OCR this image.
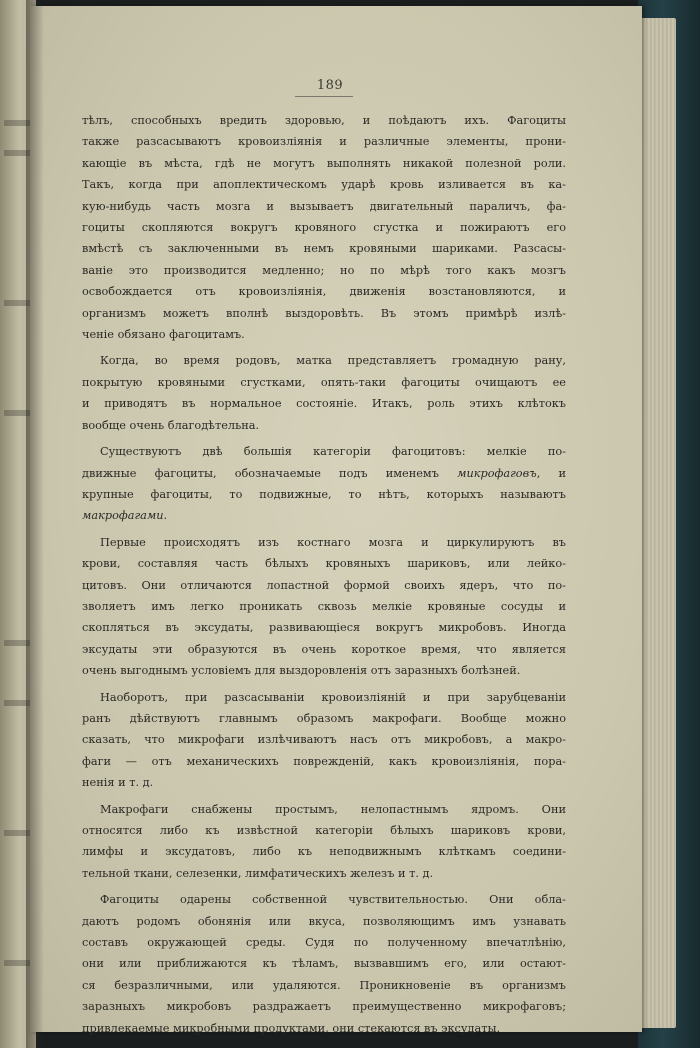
189

тѣлъ, способныхъ вредить здоровью, и поѣдаютъ ихъ. Фагоциты
также разсасываютъ кровоизліянія и различные элементы, прони-
кающіе въ мѣста, гдѣ не могутъ выполнять никакой полезной роли.
Такъ, когда при апоплектическомъ ударѣ кровь изливается въ ка-
кую-нибудь часть мозга и вызываетъ двигательный параличъ, фа-
гоциты скопляются вокругъ кровяного сгустка и пожираютъ его
вмѣстѣ съ заключенными въ немъ кровяными шариками. Разсасы-
ваніе это производится медленно; но по мѣрѣ того какъ мозгъ
освобождается отъ кровоизліянія, движенія возстановляются, и
организмъ можетъ вполнѣ выздоровѣть. Въ этомъ примѣрѣ излѣ-
ченіе обязано фагоцитамъ.

Когда, во время родовъ, матка представляетъ громадную рану,
покрытую кровяными сгустками, опять-таки фагоциты очищаютъ ее
и приводятъ въ нормальное состояніе. Итакъ, роль этихъ клѣтокъ
вообще очень благодѣтельна.

Существуютъ двѣ большія категоріи фагоцитовъ: мелкіе по-
движные фагоциты, обозначаемые подъ именемъ микрофаговъ, и
крупные фагоциты, то подвижные, то нѣтъ, которыхъ называютъ
макрофагами.

Первые происходятъ изъ костнаго мозга и циркулируютъ въ
крови, составляя часть бѣлыхъ кровяныхъ шариковъ, или лейко-
цитовъ. Они отличаются лопастной формой своихъ ядеръ, что по-
зволяетъ имъ легко проникать сквозь мелкіе кровяные сосуды и
скопляться въ эксудаты, развивающіеся вокругъ микробовъ. Иногда
эксудаты эти образуются въ очень короткое время, что является
очень выгоднымъ условіемъ для выздоровленія отъ заразныхъ болѣзней.

Наоборотъ, при разсасываніи кровоизліяній и при зарубцеваніи
ранъ дѣйствуютъ главнымъ образомъ макрофаги. Вообще можно
сказать, что микрофаги излѣчиваютъ насъ отъ микробовъ, а макро-
фаги — отъ механическихъ поврежденій, какъ кровоизліянія, пора-
ненія и т. д.

Макрофаги снабжены простымъ, нелопастнымъ ядромъ. Они
относятся либо къ извѣстной категоріи бѣлыхъ шариковъ крови,
лимфы и эксудатовъ, либо къ неподвижнымъ клѣткамъ соедини-
тельной ткани, селезенки, лимфатическихъ железъ и т. д.

Фагоциты одарены собственной чувствительностью. Они обла-
даютъ родомъ обонянія или вкуса, позволяющимъ имъ узнавать
составъ окружающей среды. Судя по полученному впечатлѣнію,
они или приближаются къ тѣламъ, вызвавшимъ его, или остают-
ся безразличными, или удаляются. Проникновеніе въ организмъ
заразныхъ микробовъ раздражаетъ преимущественно микрофаговъ;
привлекаемые микробными продуктами, они стекаются въ эксудаты.
